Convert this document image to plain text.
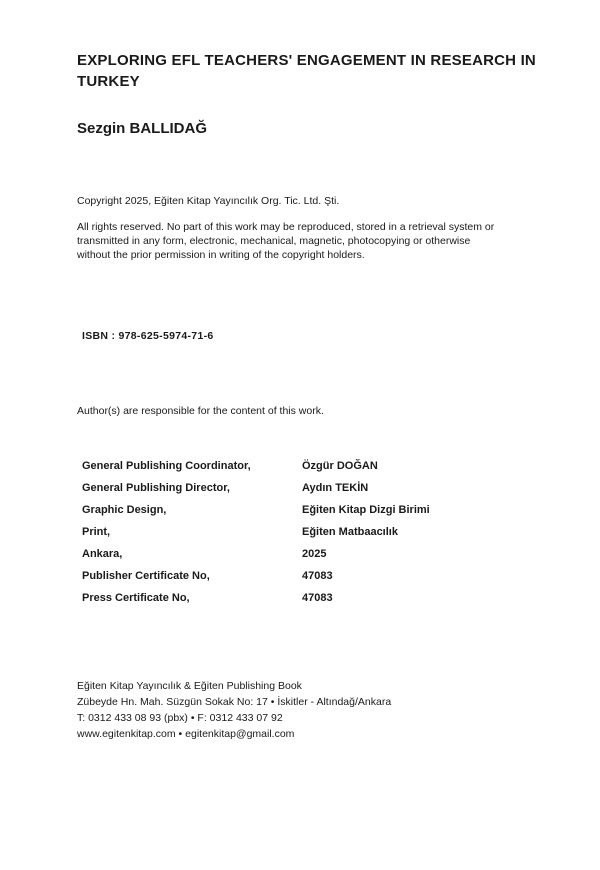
EXPLORING EFL TEACHERS' ENGAGEMENT IN RESEARCH IN TURKEY
Sezgin BALLIDAĞ

Copyright 2025, Eğiten Kitap Yayıncılık Org. Tic. Ltd. Şti.

All rights reserved. No part of this work may be reproduced, stored in a retrieval system or transmitted in any form, electronic, mechanical, magnetic, photocopying or otherwise without the prior permission in writing of the copyright holders.

ISBN : 978-625-5974-71-6

Author(s) are responsible for the content of this work.

General Publishing Coordinator,	Özgür DOĞAN
General Publishing Director,	Aydın TEKİN
Graphic Design,	Eğiten Kitap Dizgi Birimi
Print,	Eğiten Matbaacılık
Ankara,	2025
Publisher Certificate No,	47083
Press Certificate No,	47083
Eğiten Kitap Yayıncılık & Eğiten Publishing Book
Zübeyde Hn. Mah. Süzgün Sokak No: 17 • İskitler - Altındağ/Ankara
T: 0312 433 08 93 (pbx) • F: 0312 433 07 92
www.egitenkitap.com • egitenkitap@gmail.com
